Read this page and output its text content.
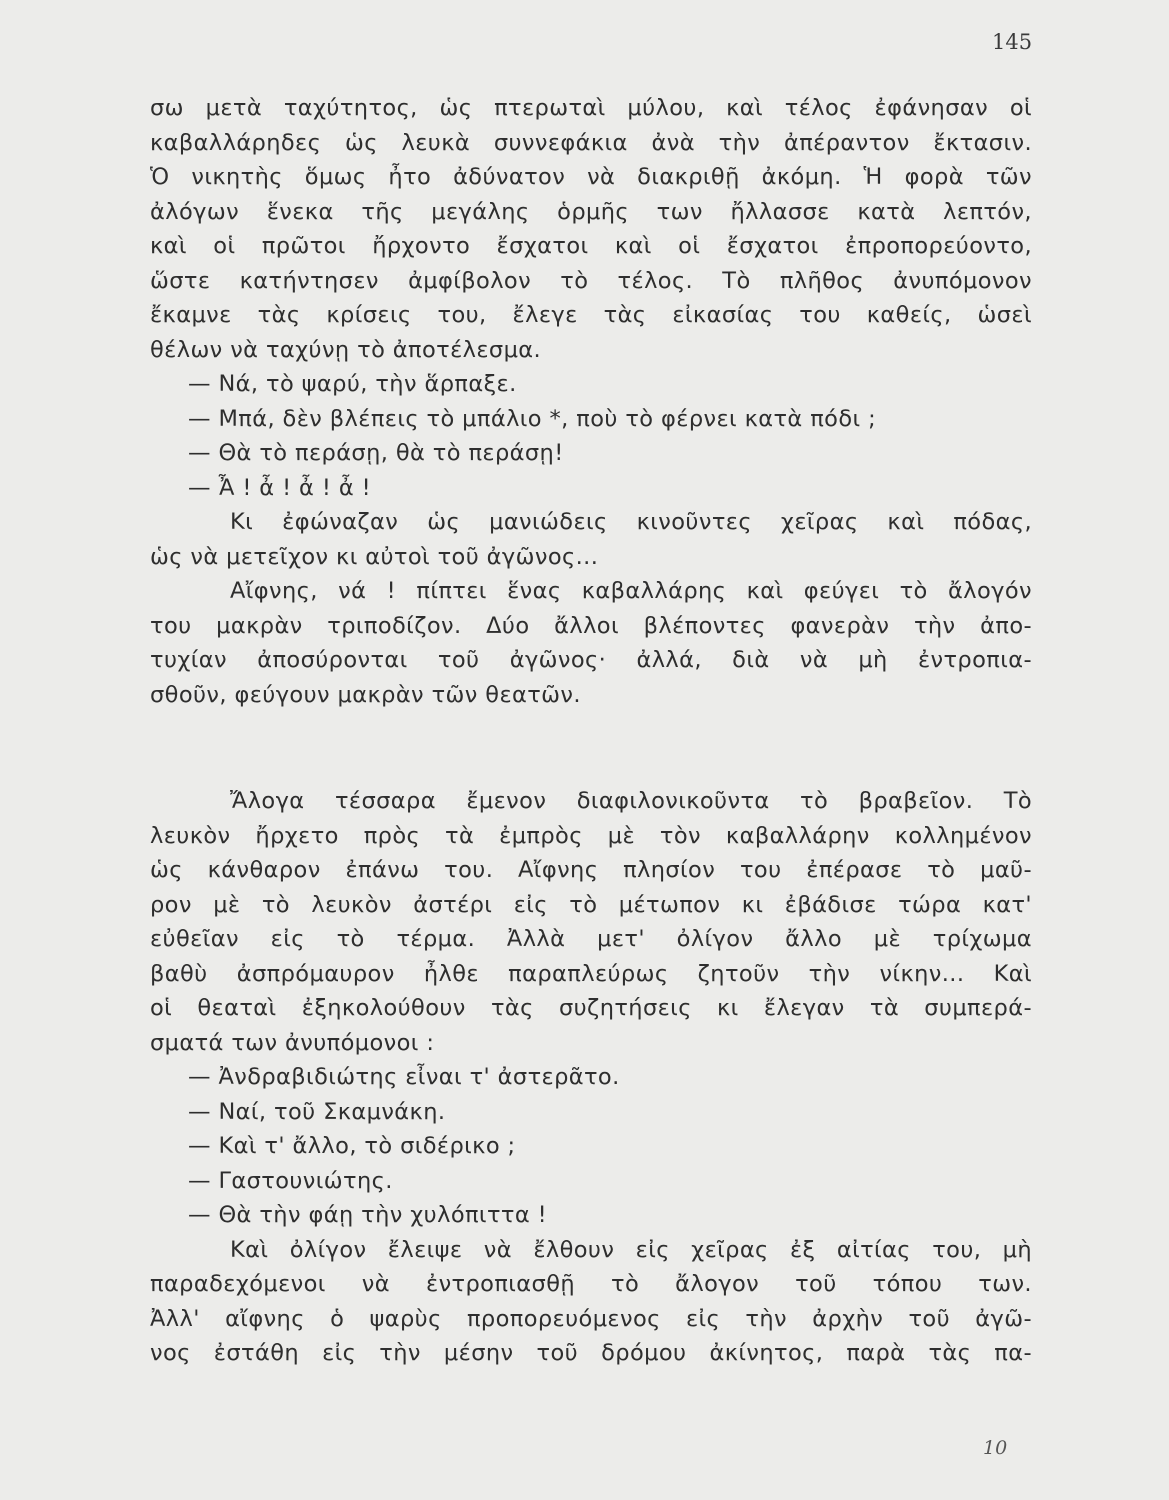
145
σω μετὰ ταχύτητος, ὡς πτερωταὶ μύλου, καὶ τέλος ἐφάνησαν οἱ
καβαλλάρηδες ὡς λευκὰ συννεφάκια ἀνὰ τὴν ἀπέραντον ἔκτασιν.
Ὁ νικητὴς ὅμως ἦτο ἀδύνατον νὰ διακριθῇ ἀκόμη. Ἡ φορὰ τῶν
ἀλόγων ἕνεκα τῆς μεγάλης ὁρμῆς των ἤλλασσε κατὰ λεπτόν,
καὶ οἱ πρῶτοι ἤρχοντο ἔσχατοι καὶ οἱ ἔσχατοι ἐπροπορεύοντο,
ὥστε κατήντησεν ἀμφίβολον τὸ τέλος. Τὸ πλῆθος ἀνυπόμονον
ἔκαμνε τὰς κρίσεις του, ἔλεγε τὰς εἰκασίας του καθείς, ὡσεὶ
θέλων νὰ ταχύνῃ τὸ ἀποτέλεσμα.
— Νά, τὸ ψαρύ, τὴν ἅρπαξε.
— Μπά, δὲν βλέπεις τὸ μπάλιο *, ποὺ τὸ φέρνει κατὰ πόδι ;
— Θὰ τὸ περάσῃ, θὰ τὸ περάσῃ!
— Ἆ ! ἆ ! ἆ ! ἆ !
Κι ἐφώναζαν ὡς μανιώδεις κινοῦντες χεῖρας καὶ πόδας,
ὡς νὰ μετεῖχον κι αὐτοὶ τοῦ ἀγῶνος...
Αἴφνης, νά ! πίπτει ἕνας καβαλλάρης καὶ φεύγει τὸ ἄλογόν
του μακρὰν τριποδίζον. Δύο ἄλλοι βλέποντες φανερὰν τὴν ἀπο-
τυχίαν ἀποσύρονται τοῦ ἀγῶνος· ἀλλά, διὰ νὰ μὴ ἐντροπια-
σθοῦν, φεύγουν μακρὰν τῶν θεατῶν.
Ἄλογα τέσσαρα ἔμενον διαφιλονικοῦντα τὸ βραβεῖον. Τὸ
λευκὸν ἤρχετο πρὸς τὰ ἐμπρὸς μὲ τὸν καβαλλάρην κολλημένον
ὡς κάνθαρον ἐπάνω του. Αἴφνης πλησίον του ἐπέρασε τὸ μαῦ-
ρον μὲ τὸ λευκὸν ἀστέρι εἰς τὸ μέτωπον κι ἐβάδισε τώρα κατ'
εὐθεῖαν εἰς τὸ τέρμα. Ἀλλὰ μετ' ὀλίγον ἄλλο μὲ τρίχωμα
βαθὺ ἀσπρόμαυρον ἦλθε παραπλεύρως ζητοῦν τὴν νίκην... Καὶ
οἱ θεαταὶ ἐξηκολούθουν τὰς συζητήσεις κι ἔλεγαν τὰ συμπερά-
σματά των ἀνυπόμονοι :
— Ἀνδραβιδιώτης εἶναι τ' ἀστερᾶτο.
— Ναί, τοῦ Σκαμνάκη.
— Καὶ τ' ἄλλο, τὸ σιδέρικο ;
— Γαστουνιώτης.
— Θὰ τὴν φάῃ τὴν χυλόπιττα !
Καὶ ὀλίγον ἔλειψε νὰ ἔλθουν εἰς χεῖρας ἐξ αἰτίας του, μὴ
παραδεχόμενοι νὰ ἐντροπιασθῇ τὸ ἄλογον τοῦ τόπου των.
Ἀλλ' αἴφνης ὁ ψαρὺς προπορευόμενος εἰς τὴν ἀρχὴν τοῦ ἀγῶ-
νος ἐστάθη εἰς τὴν μέσην τοῦ δρόμου ἀκίνητος, παρὰ τὰς πα-
10
